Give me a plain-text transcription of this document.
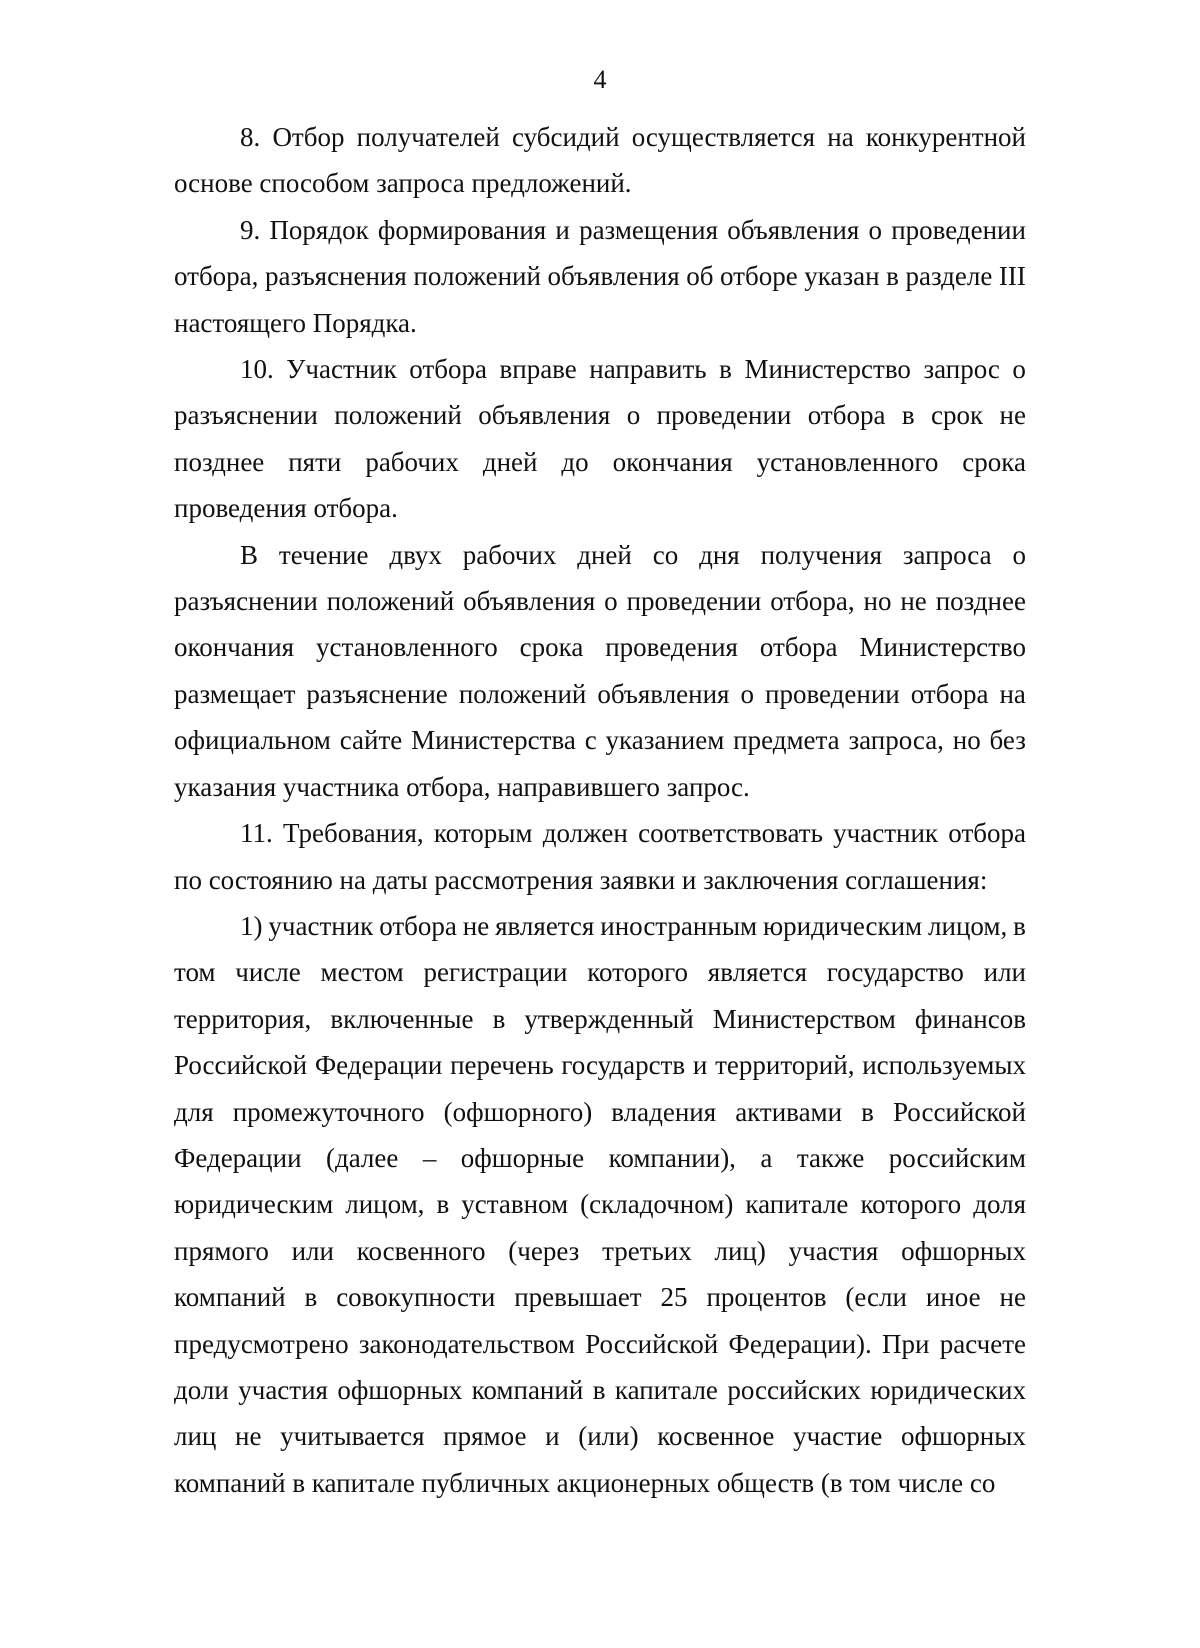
4
8. Отбор получателей субсидий осуществляется на конкурентной
основе способом запроса предложений.
9. Порядок формирования и размещения объявления о проведении
отбора, разъяснения положений объявления об отборе указан в разделе III
настоящего Порядка.
10. Участник отбора вправе направить в Министерство запрос о
разъяснении положений объявления о проведении отбора в срок не
позднее пяти рабочих дней до окончания установленного срока
проведения отбора.
В течение двух рабочих дней со дня получения запроса о
разъяснении положений объявления о проведении отбора, но не позднее
окончания установленного срока проведения отбора Министерство
размещает разъяснение положений объявления о проведении отбора на
официальном сайте Министерства с указанием предмета запроса, но без
указания участника отбора, направившего запрос.
11. Требования, которым должен соответствовать участник отбора
по состоянию на даты рассмотрения заявки и заключения соглашения:
1) участник отбора не является иностранным юридическим лицом, в
том числе местом регистрации которого является государство или
территория, включенные в утвержденный Министерством финансов
Российской Федерации перечень государств и территорий, используемых
для промежуточного (офшорного) владения активами в Российской
Федерации (далее – офшорные компании), а также российским
юридическим лицом, в уставном (складочном) капитале которого доля
прямого или косвенного (через третьих лиц) участия офшорных
компаний в совокупности превышает 25 процентов (если иное не
предусмотрено законодательством Российской Федерации). При расчете
доли участия офшорных компаний в капитале российских юридических
лиц не учитывается прямое и (или) косвенное участие офшорных
компаний в капитале публичных акционерных обществ (в том числе со
